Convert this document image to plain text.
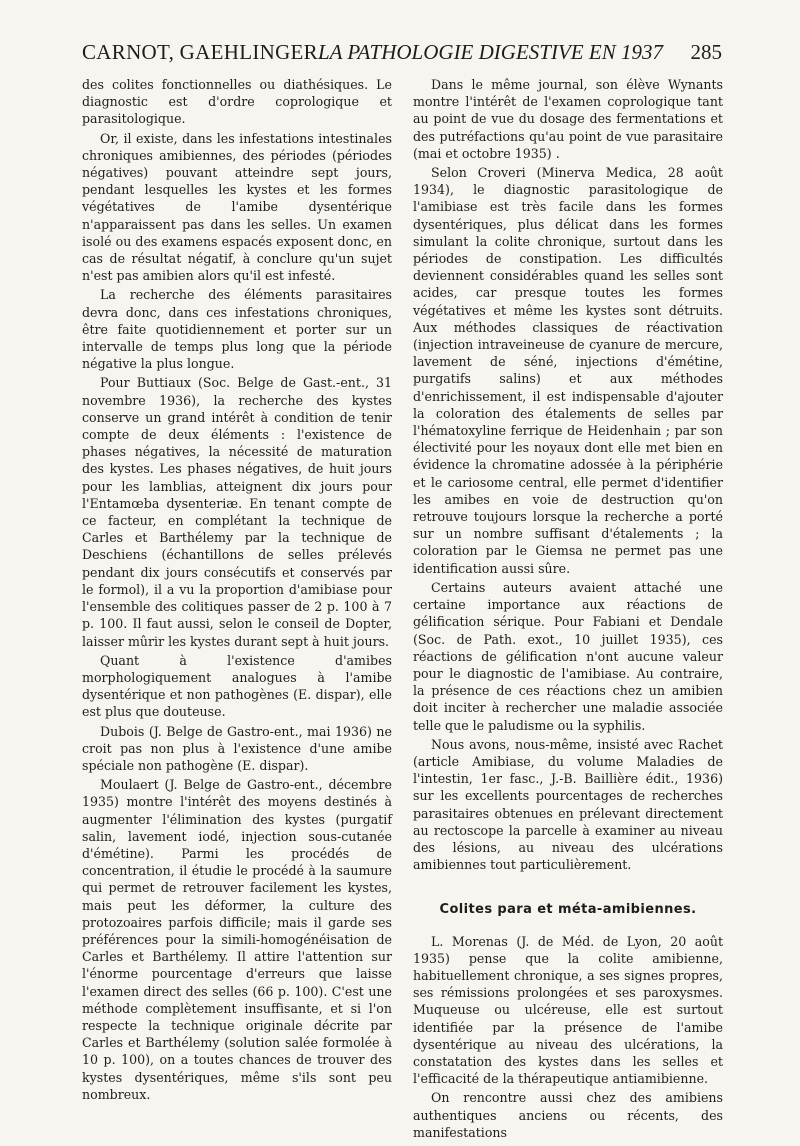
CARNOT, GAEHLINGER.
LA PATHOLOGIE DIGESTIVE EN 1937 285

des colites fonctionnelles ou diathésiques. Le diagnostic est d'ordre coprologique et parasitologique.

Or, il existe, dans les infestations intestinales chroniques amibiennes, des périodes (périodes négatives) pouvant atteindre sept jours, pendant lesquelles les kystes et les formes végétatives de l'amibe dysentérique n'apparaissent pas dans les selles. Un examen isolé ou des examens espacés exposent donc, en cas de résultat négatif, à conclure qu'un sujet n'est pas amibien alors qu'il est infesté.

La recherche des éléments parasitaires devra donc, dans ces infestations chroniques, être faite quotidiennement et porter sur un intervalle de temps plus long que la période négative la plus longue.

Pour Buttiaux (Soc. Belge de Gast.-ent., 31 novembre 1936), la recherche des kystes conserve un grand intérêt à condition de tenir compte de deux éléments : l'existence de phases négatives, la nécessité de maturation des kystes. Les phases négatives, de huit jours pour les lamblias, atteignent dix jours pour l'Entamœba dysenteriæ. En tenant compte de ce facteur, en complétant la technique de Carles et Barthélemy par la technique de Deschiens (échantillons de selles prélevés pendant dix jours consécutifs et conservés par le formol), il a vu la proportion d'amibiase pour l'ensemble des colitiques passer de 2 p. 100 à 7 p. 100. Il faut aussi, selon le conseil de Dopter, laisser mûrir les kystes durant sept à huit jours.

Quant à l'existence d'amibes morphologiquement analogues à l'amibe dysentérique et non pathogènes (E. dispar), elle est plus que douteuse.

Dubois (J. Belge de Gastro-ent., mai 1936) ne croit pas non plus à l'existence d'une amibe spéciale non pathogène (E. dispar).

Moulaert (J. Belge de Gastro-ent., décembre 1935) montre l'intérêt des moyens destinés à augmenter l'élimination des kystes (purgatif salin, lavement iodé, injection sous-cutanée d'émétine). Parmi les procédés de concentration, il étudie le procédé à la saumure qui permet de retrouver facilement les kystes, mais peut les déformer, la culture des protozoaires parfois difficile; mais il garde ses préférences pour la simili-homogénéisation de Carles et Barthélemy. Il attire l'attention sur l'énorme pourcentage d'erreurs que laisse l'examen direct des selles (66 p. 100). C'est une méthode complètement insuffisante, et si l'on respecte la technique originale décrite par Carles et Barthélemy (solution salée formolée à 10 p. 100), on a toutes chances de trouver des kystes dysentériques, même s'ils sont peu nombreux.

Dans le même journal, son élève Wynants montre l'intérêt de l'examen coprologique tant au point de vue du dosage des fermentations et des putréfactions qu'au point de vue parasitaire (mai et octobre 1935) .

Selon Croveri (Minerva Medica, 28 août 1934), le diagnostic parasitologique de l'amibiase est très facile dans les formes dysentériques, plus délicat dans les formes simulant la colite chronique, surtout dans les périodes de constipation. Les difficultés deviennent considérables quand les selles sont acides, car presque toutes les formes végétatives et même les kystes sont détruits. Aux méthodes classiques de réactivation (injection intraveineuse de cyanure de mercure, lavement de séné, injections d'émétine, purgatifs salins) et aux méthodes d'enrichissement, il est indispensable d'ajouter la coloration des étalements de selles par l'hématoxyline ferrique de Heidenhain ; par son électivité pour les noyaux dont elle met bien en évidence la chromatine adossée à la périphérie et le cariosome central, elle permet d'identifier les amibes en voie de destruction qu'on retrouve toujours lorsque la recherche a porté sur un nombre suffisant d'étalements ; la coloration par le Giemsa ne permet pas une identification aussi sûre.

Certains auteurs avaient attaché une certaine importance aux réactions de gélification sérique. Pour Fabiani et Dendale (Soc. de Path. exot., 10 juillet 1935), ces réactions de gélification n'ont aucune valeur pour le diagnostic de l'amibiase. Au contraire, la présence de ces réactions chez un amibien doit inciter à rechercher une maladie associée telle que le paludisme ou la syphilis.

Nous avons, nous-même, insisté avec Rachet (article Amibiase, du volume Maladies de l'intestin, 1er fasc., J.-B. Baillière édit., 1936) sur les excellents pourcentages de recherches parasitaires obtenues en prélevant directement au rectoscope la parcelle à examiner au niveau des lésions, au niveau des ulcérations amibiennes tout particulièrement.

Colites para et méta-amibiennes.

L. Morenas (J. de Méd. de Lyon, 20 août 1935) pense que la colite amibienne, habituellement chronique, a ses signes propres, ses rémissions prolongées et ses paroxysmes. Muqueuse ou ulcéreuse, elle est surtout identifiée par la présence de l'amibe dysentérique au niveau des ulcérations, la constatation des kystes dans les selles et l'efficacité de la thérapeutique antiamibienne.

On rencontre aussi chez des amibiens authentiques anciens ou récents, des manifestations
